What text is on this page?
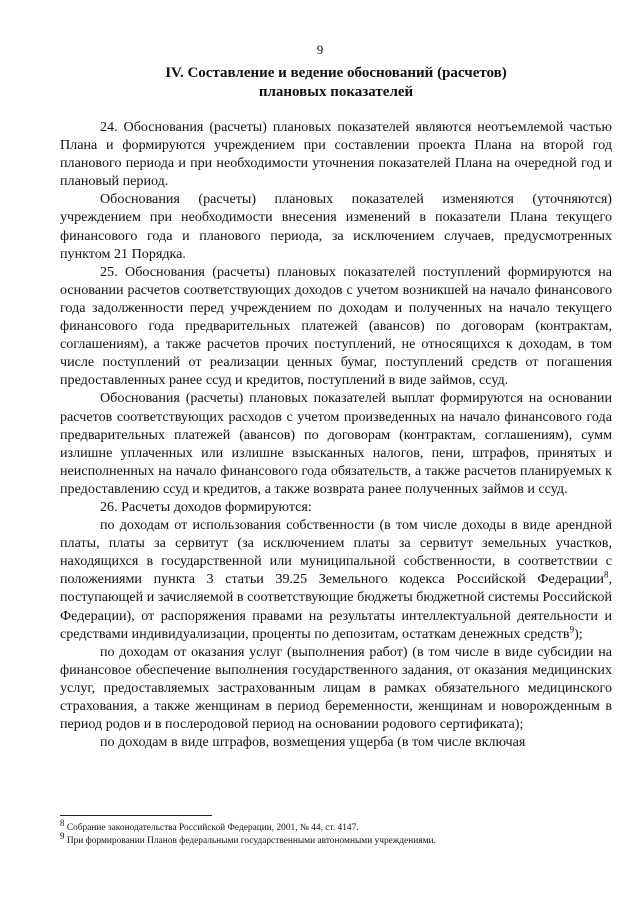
9
IV. Составление и ведение обоснований (расчетов)
плановых показателей

24. Обоснования (расчеты) плановых показателей являются неотъемлемой частью Плана и формируются учреждением при составлении проекта Плана на второй год планового периода и при необходимости уточнения показателей Плана на очередной год и плановый период.

Обоснования (расчеты) плановых показателей изменяются (уточняются) учреждением при необходимости внесения изменений в показатели Плана текущего финансового года и планового периода, за исключением случаев, предусмотренных пунктом 21 Порядка.

25. Обоснования (расчеты) плановых показателей поступлений формируются на основании расчетов соответствующих доходов с учетом возникшей на начало финансового года задолженности перед учреждением по доходам и полученных на начало текущего финансового года предварительных платежей (авансов) по договорам (контрактам, соглашениям), а также расчетов прочих поступлений, не относящихся к доходам, в том числе поступлений от реализации ценных бумаг, поступлений средств от погашения предоставленных ранее ссуд и кредитов, поступлений в виде займов, ссуд.

Обоснования (расчеты) плановых показателей выплат формируются на основании расчетов соответствующих расходов с учетом произведенных на начало финансового года предварительных платежей (авансов) по договорам (контрактам, соглашениям), сумм излишне уплаченных или излишне взысканных налогов, пени, штрафов, принятых и неисполненных на начало финансового года обязательств, а также расчетов планируемых к предоставлению ссуд и кредитов, а также возврата ранее полученных займов и ссуд.

26. Расчеты доходов формируются:

по доходам от использования собственности (в том числе доходы в виде арендной платы, платы за сервитут (за исключением платы за сервитут земельных участков, находящихся в государственной или муниципальной собственности, в соответствии с положениями пункта 3 статьи 39.25 Земельного кодекса Российской Федерации$^8$, поступающей и зачисляемой в соответствующие бюджеты бюджетной системы Российской Федерации), от распоряжения правами на результаты интеллектуальной деятельности и средствами индивидуализации, проценты по депозитам, остаткам денежных средств$^9$);

по доходам от оказания услуг (выполнения работ) (в том числе в виде субсидии на финансовое обеспечение выполнения государственного задания, от оказания медицинских услуг, предоставляемых застрахованным лицам в рамках обязательного медицинского страхования, а также женщинам в период беременности, женщинам и новорожденным в период родов и в послеродовой период на основании родового сертификата);

по доходам в виде штрафов, возмещения ущерба (в том числе включая

$^8$ Собрание законодательства Российской Федерации, 2001, № 44, ст. 4147.
$^9$ При формировании Планов федеральными государственными автономными учреждениями.
